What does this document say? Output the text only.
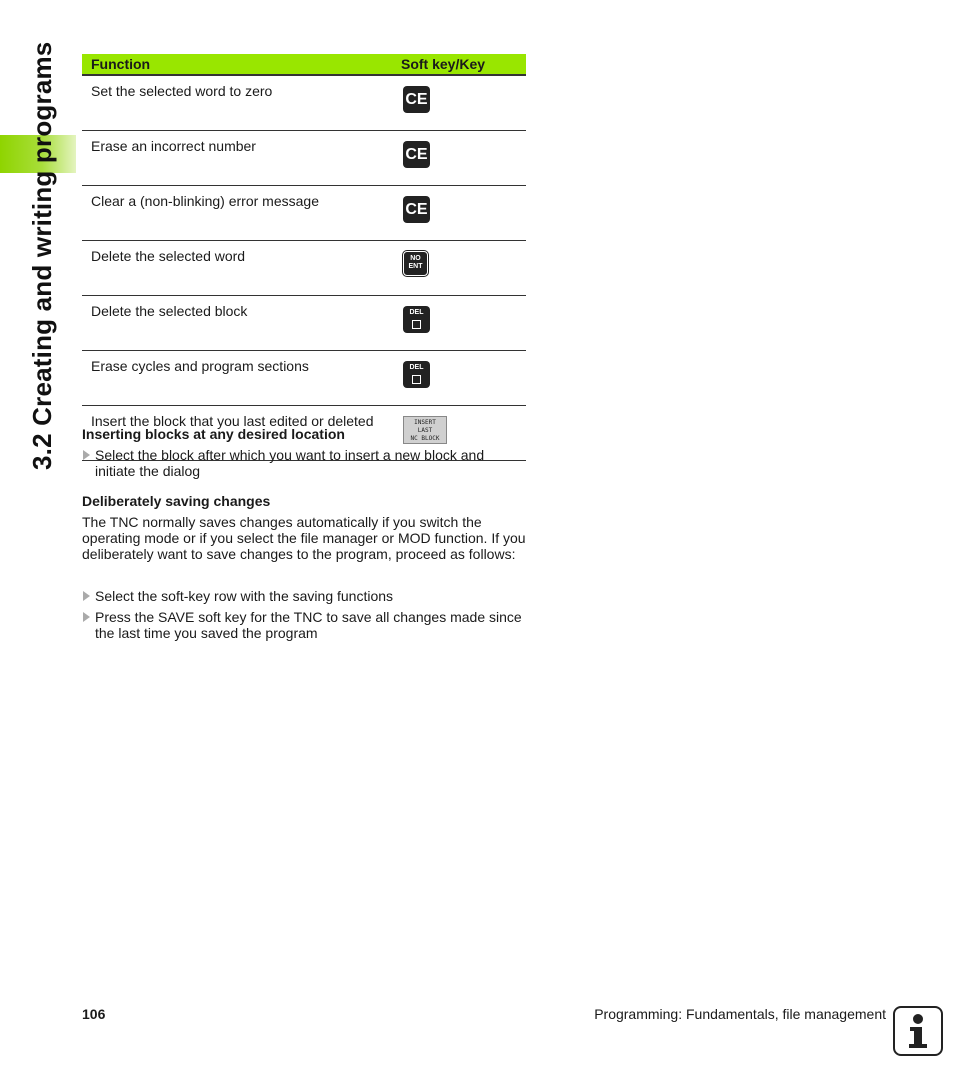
3.2 Creating and writing programs Function	Soft key/Key
Set the selected word to zero	CE

Erase an incorrect number	CE

Clear a (non-blinking) error message	CE

Delete the selected word	NO
ENT

Delete the selected block	DEL

Erase cycles and program sections	DEL

Insert the block that you last edited or deleted	INSERT
LAST
NC BLOCK
Inserting blocks at any desired location
Select the block after which you want to insert a new block and initiate the dialog
Deliberately saving changes
The TNC normally saves changes automatically if you switch the operating mode or if you select the file manager or MOD function. If you deliberately want to save changes to the program, proceed as follows:
Select the soft-key row with the saving functions
Press the SAVE soft key for the TNC to save all changes made since the last time you saved the program
106	Programming: Fundamentals, file management
